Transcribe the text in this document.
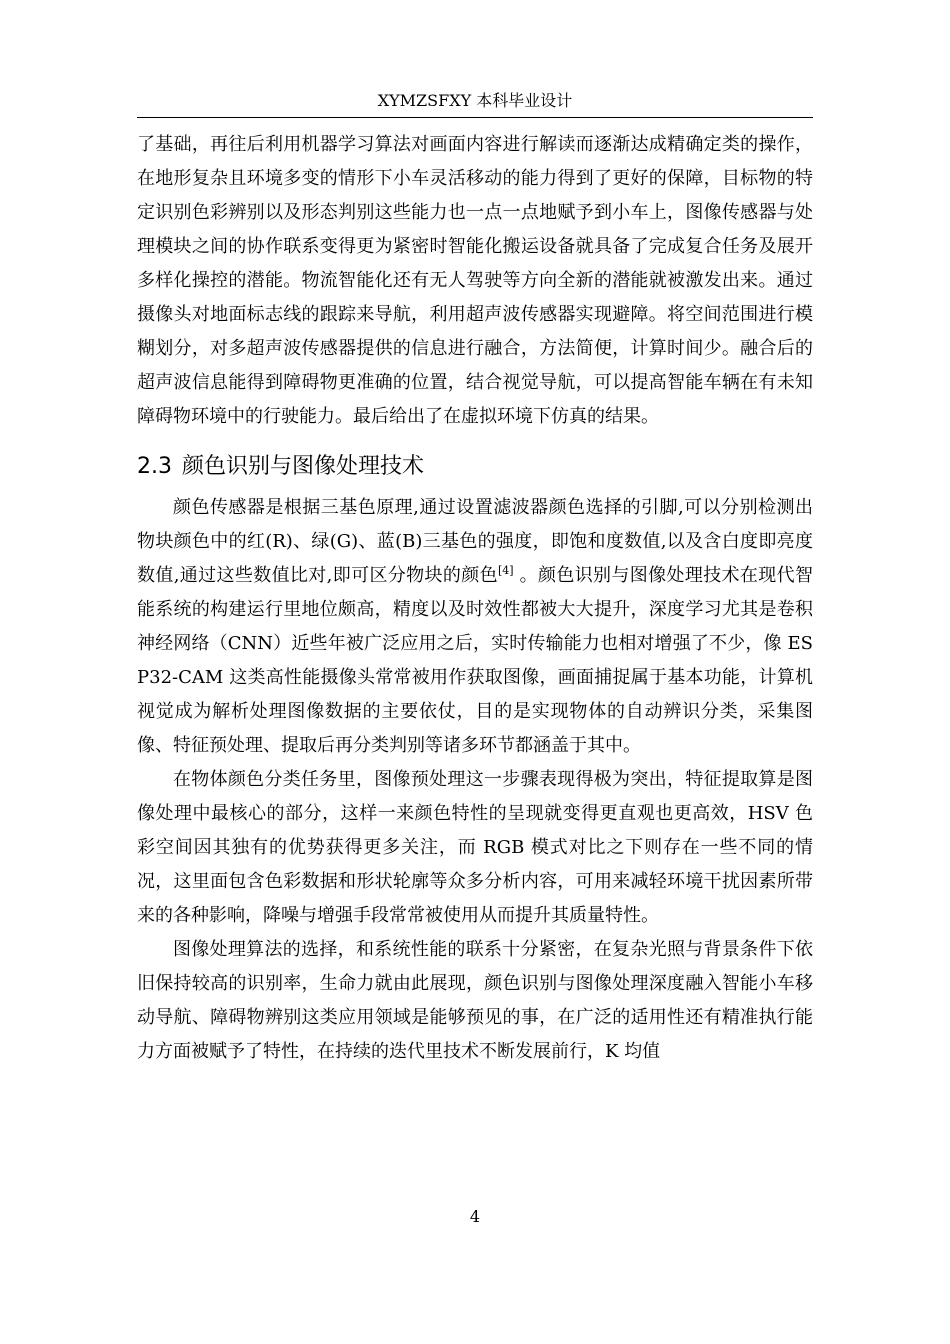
XYMZSFXY 本科毕业设计

了基础，再往后利用机器学习算法对画面内容进行解读而逐渐达成精确定类的操作，在地形复杂且环境多变的情形下小车灵活移动的能力得到了更好的保障，目标物的特定识别色彩辨别以及形态判别这些能力也一点一点地赋予到小车上，图像传感器与处理模块之间的协作联系变得更为紧密时智能化搬运设备就具备了完成复合任务及展开多样化操控的潜能。物流智能化还有无人驾驶等方向全新的潜能就被激发出来。通过摄像头对地面标志线的跟踪来导航，利用超声波传感器实现避障。将空间范围进行模糊划分，对多超声波传感器提供的信息进行融合，方法简便，计算时间少。融合后的超声波信息能得到障碍物更准确的位置，结合视觉导航，可以提高智能车辆在有未知障碍物环境中的行驶能力。最后给出了在虚拟环境下仿真的结果。

2.3 颜色识别与图像处理技术

颜色传感器是根据三基色原理,通过设置滤波器颜色选择的引脚,可以分别检测出物块颜色中的红(R)、绿(G)、蓝(B)三基色的强度，即饱和度数值,以及含白度即亮度数值,通过这些数值比对,即可区分物块的颜色[4] 。颜色识别与图像处理技术在现代智能系统的构建运行里地位颇高，精度以及时效性都被大大提升，深度学习尤其是卷积神经网络（CNN）近些年被广泛应用之后，实时传输能力也相对增强了不少，像 ESP32-CAM 这类高性能摄像头常常被用作获取图像，画面捕捉属于基本功能，计算机视觉成为解析处理图像数据的主要依仗，目的是实现物体的自动辨识分类，采集图像、特征预处理、提取后再分类判别等诸多环节都涵盖于其中。

在物体颜色分类任务里，图像预处理这一步骤表现得极为突出，特征提取算是图像处理中最核心的部分，这样一来颜色特性的呈现就变得更直观也更高效，HSV 色彩空间因其独有的优势获得更多关注，而 RGB 模式对比之下则存在一些不同的情况，这里面包含色彩数据和形状轮廓等众多分析内容，可用来减轻环境干扰因素所带来的各种影响，降噪与增强手段常常被使用从而提升其质量特性。

图像处理算法的选择，和系统性能的联系十分紧密，在复杂光照与背景条件下依旧保持较高的识别率，生命力就由此展现，颜色识别与图像处理深度融入智能小车移动导航、障碍物辨别这类应用领域是能够预见的事，在广泛的适用性还有精准执行能力方面被赋予了特性，在持续的迭代里技术不断发展前行，K 均值

4
